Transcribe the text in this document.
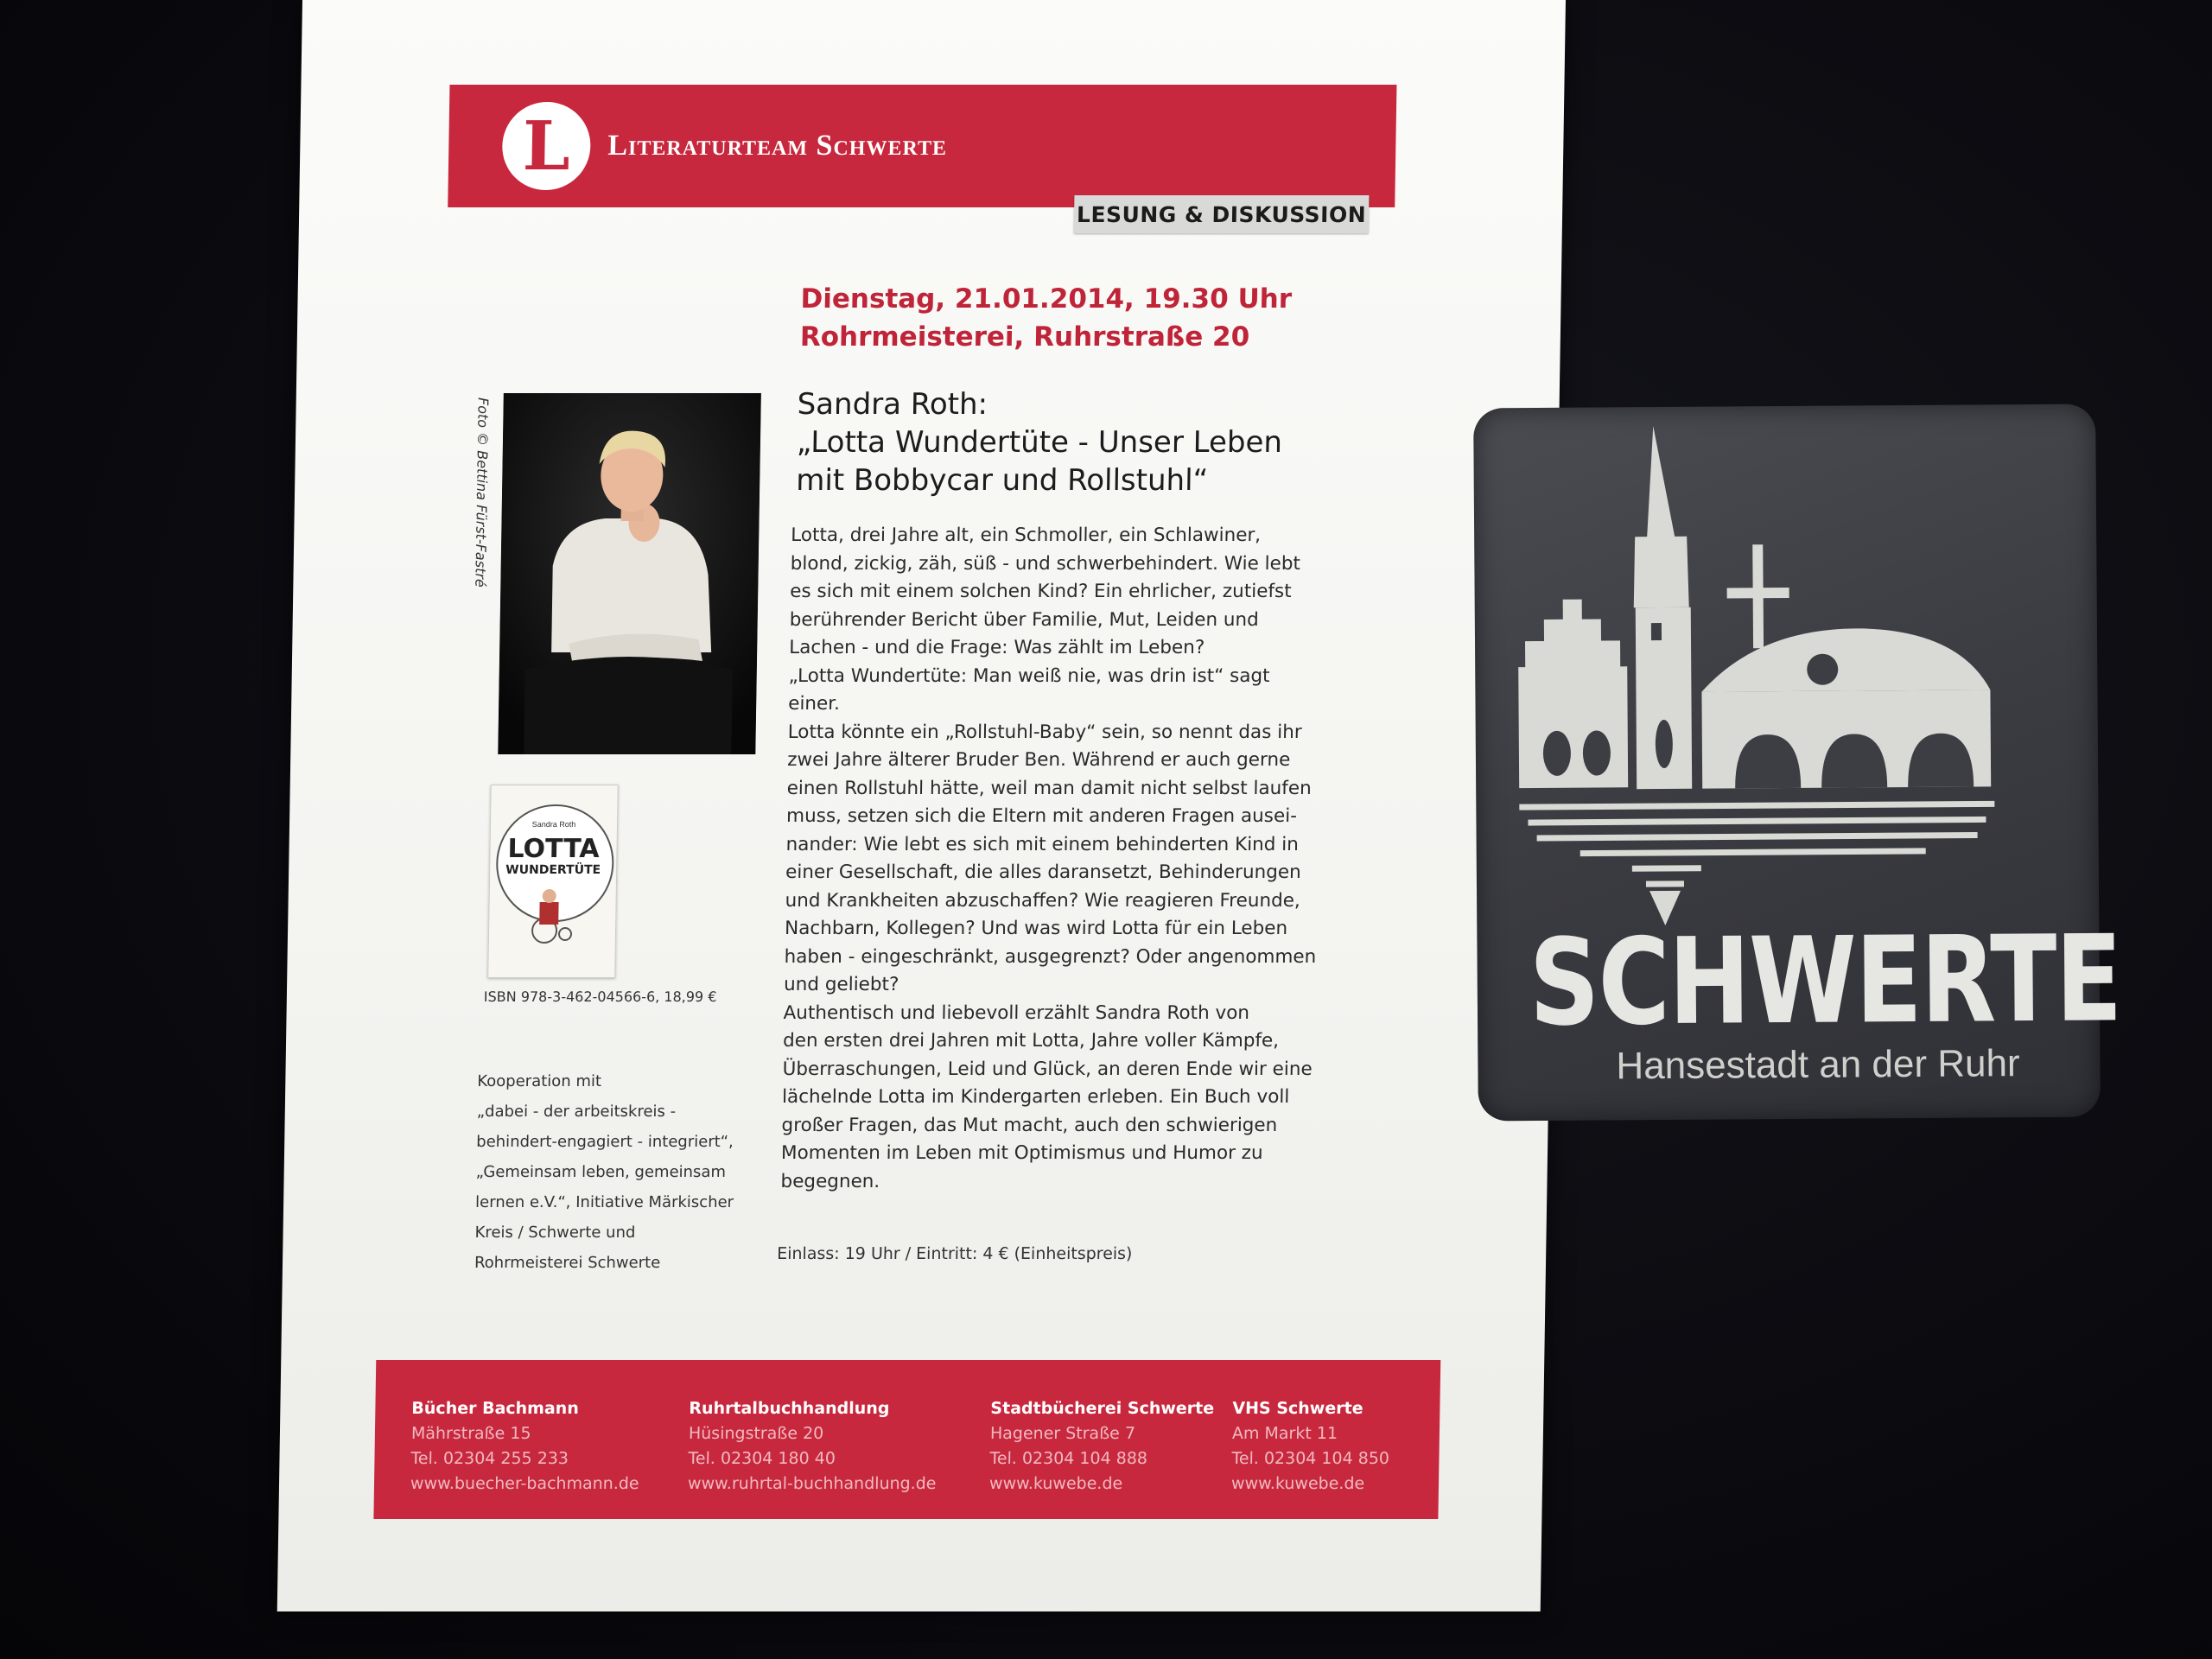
L Literaturteam Schwerte
LESUNG & DISKUSSION
Dienstag, 21.01.2014, 19.30 Uhr
Rohrmeisterei, Ruhrstraße 20
Sandra Roth:
„Lotta Wundertüte - Unser Leben
mit Bobbycar und Rollstuhl“
Lotta, drei Jahre alt, ein Schmoller, ein Schlawiner,
blond, zickig, zäh, süß - und schwerbehindert. Wie lebt
es sich mit einem solchen Kind? Ein ehrlicher, zutiefst
berührender Bericht über Familie, Mut, Leiden und
Lachen - und die Frage: Was zählt im Leben?
„Lotta Wundertüte: Man weiß nie, was drin ist“ sagt
einer.
Lotta könnte ein „Rollstuhl-Baby“ sein, so nennt das ihr
zwei Jahre älterer Bruder Ben. Während er auch gerne
einen Rollstuhl hätte, weil man damit nicht selbst laufen
muss, setzen sich die Eltern mit anderen Fragen ausei-
nander: Wie lebt es sich mit einem behinderten Kind in
einer Gesellschaft, die alles daransetzt, Behinderungen
und Krankheiten abzuschaffen? Wie reagieren Freunde,
Nachbarn, Kollegen? Und was wird Lotta für ein Leben
haben - eingeschränkt, ausgegrenzt? Oder angenommen
und geliebt?
Authentisch und liebevoll erzählt Sandra Roth von
den ersten drei Jahren mit Lotta, Jahre voller Kämpfe,
Überraschungen, Leid und Glück, an deren Ende wir eine
lächelnde Lotta im Kindergarten erleben. Ein Buch voll
großer Fragen, das Mut macht, auch den schwierigen
Momenten im Leben mit Optimismus und Humor zu
begegnen.
Einlass: 19 Uhr / Eintritt: 4 € (Einheitspreis)
Foto © Bettina Fürst-Fastré
Sandra Roth
LOTTA
WUNDERTÜTE
ISBN 978-3-462-04566-6, 18,99 €
Kooperation mit
„dabei - der arbeitskreis -
behindert-engagiert - integriert“,
„Gemeinsam leben, gemeinsam
lernen e.V.“, Initiative Märkischer
Kreis / Schwerte und
Rohrmeisterei Schwerte
Bücher Bachmann
Mährstraße 15
Tel. 02304 255 233
www.buecher-bachmann.de
Ruhrtalbuchhandlung
Hüsingstraße 20
Tel. 02304 180 40
www.ruhrtal-buchhandlung.de
Stadtbücherei Schwerte
Hagener Straße 7
Tel. 02304 104 888
www.kuwebe.de
VHS Schwerte
Am Markt 11
Tel. 02304 104 850
www.kuwebe.de
SCHWERTE
Hansestadt an der Ruhr
